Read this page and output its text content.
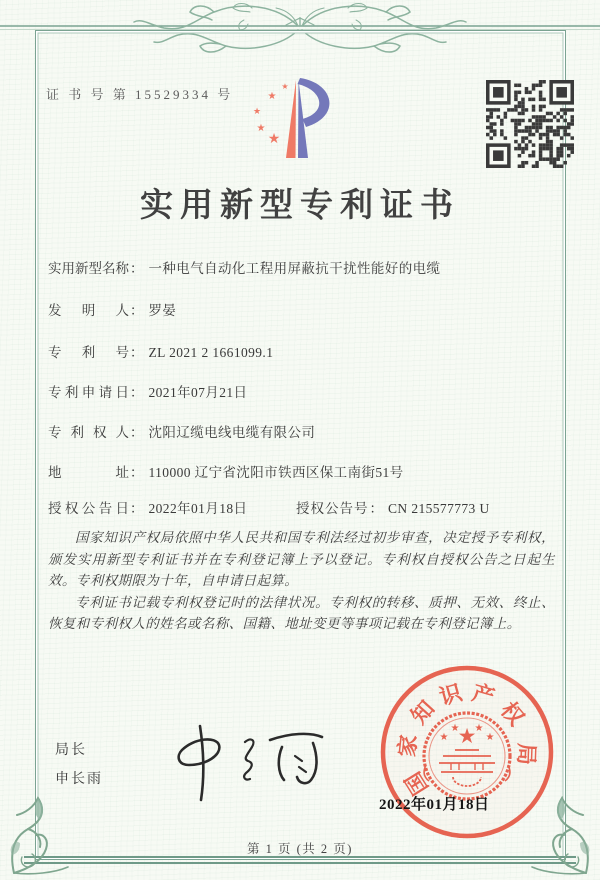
证 书 号 第 15529334 号
★
★
★
★
★
实用新型专利证书
实 用 新 型 名 称 ： 一种电气自动化工程用屏蔽抗干扰性能好的电缆
发 明 人 ： 罗晏
专 利 号 ： ZL 2021 2 1661099.1
专 利 申 请 日 ： 2021年07月21日
专 利 权 人 ： 沈阳辽缆电线电缆有限公司
地	址 ： 110000 辽宁省沈阳市铁西区保工南街51号
授 权 公 告 日 ： 2022年01月18日	授权公告号： CN 215577773 U

国家知识产权局依照中华人民共和国专利法经过初步审查，决定授予专利权，颁发实用新型专利证书并在专利登记簿上予以登记。专利权自授权公告之日起生效。专利权期限为十年，自申请日起算。

专利证书记载专利权登记时的法律状况。专利权的转移、质押、无效、终止、恢复和专利权人的姓名或名称、国籍、地址变更等事项记载在专利登记簿上。

局长
申长雨	国
家
知
识 产
权
局
★
★
★ ★
★
2022年01月18日
第 1 页 (共 2 页)
